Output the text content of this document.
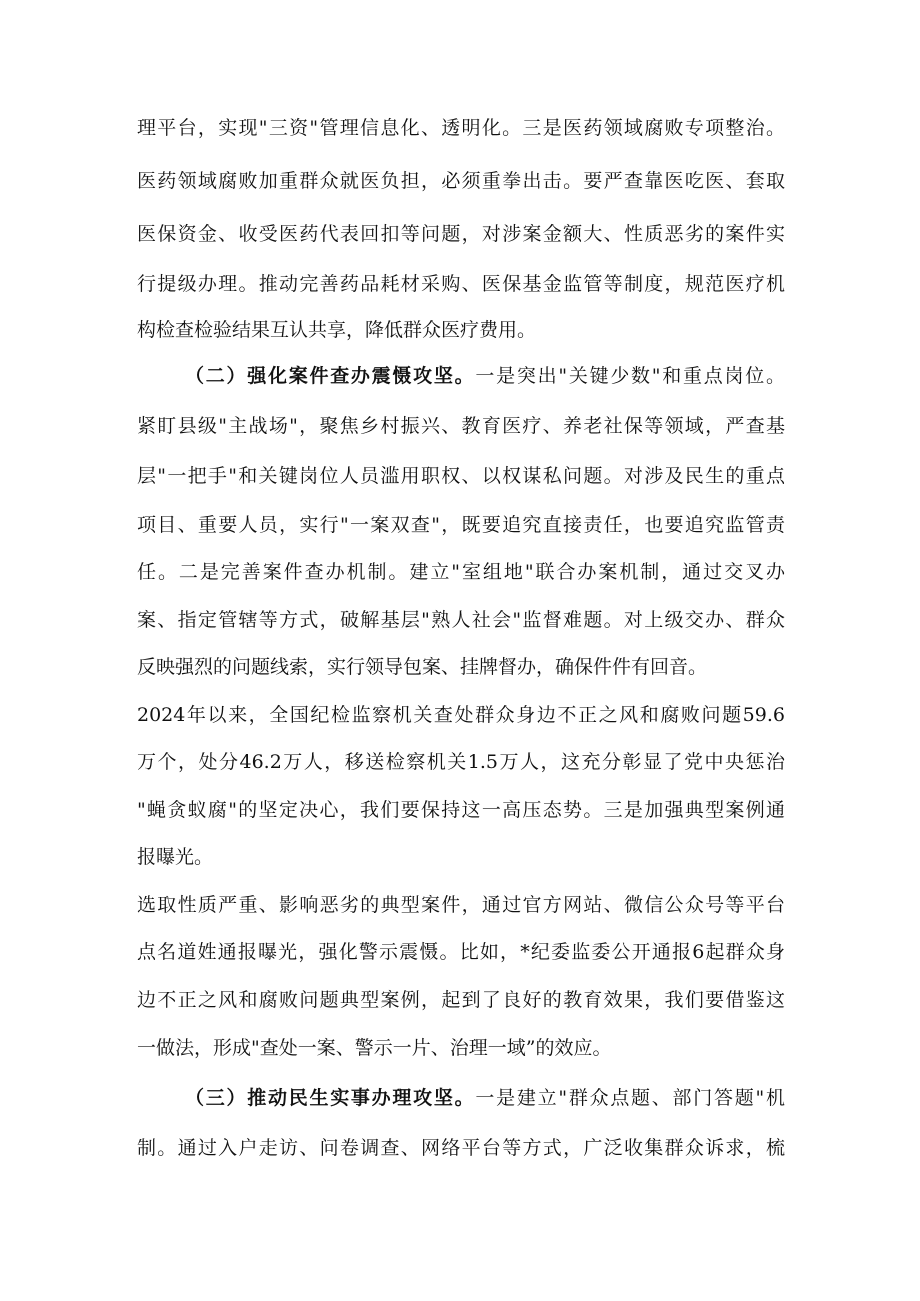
理平台，实现"三资"管理信息化、透明化。三是医药领域腐败专项整治。
医药领域腐败加重群众就医负担，必须重拳出击。要严查靠医吃医、套取
医保资金、收受医药代表回扣等问题，对涉案金额大、性质恶劣的案件实
行提级办理。推动完善药品耗材采购、医保基金监管等制度，规范医疗机
构检查检验结果互认共享，降低群众医疗费用。
（二）强化案件查办震慑攻坚。一是突出"关键少数"和重点岗位。
紧盯县级"主战场"，聚焦乡村振兴、教育医疗、养老社保等领域，严查基
层"一把手"和关键岗位人员滥用职权、以权谋私问题。对涉及民生的重点
项目、重要人员，实行"一案双查"，既要追究直接责任，也要追究监管责
任。二是完善案件查办机制。建立"室组地"联合办案机制，通过交叉办
案、指定管辖等方式，破解基层"熟人社会"监督难题。对上级交办、群众
反映强烈的问题线索，实行领导包案、挂牌督办，确保件件有回音。
2024年以来，全国纪检监察机关查处群众身边不正之风和腐败问题59.6
万个，处分46.2万人，移送检察机关1.5万人，这充分彰显了党中央惩治
"蝇贪蚁腐"的坚定决心，我们要保持这一高压态势。三是加强典型案例通
报曝光。
选取性质严重、影响恶劣的典型案件，通过官方网站、微信公众号等平台
点名道姓通报曝光，强化警示震慑。比如，*纪委监委公开通报6起群众身
边不正之风和腐败问题典型案例，起到了良好的教育效果，我们要借鉴这
一做法，形成"查处一案、警示一片、治理一域”的效应。
（三）推动民生实事办理攻坚。一是建立"群众点题、部门答题"机
制。通过入户走访、问卷调查、网络平台等方式，广泛收集群众诉求，梳
